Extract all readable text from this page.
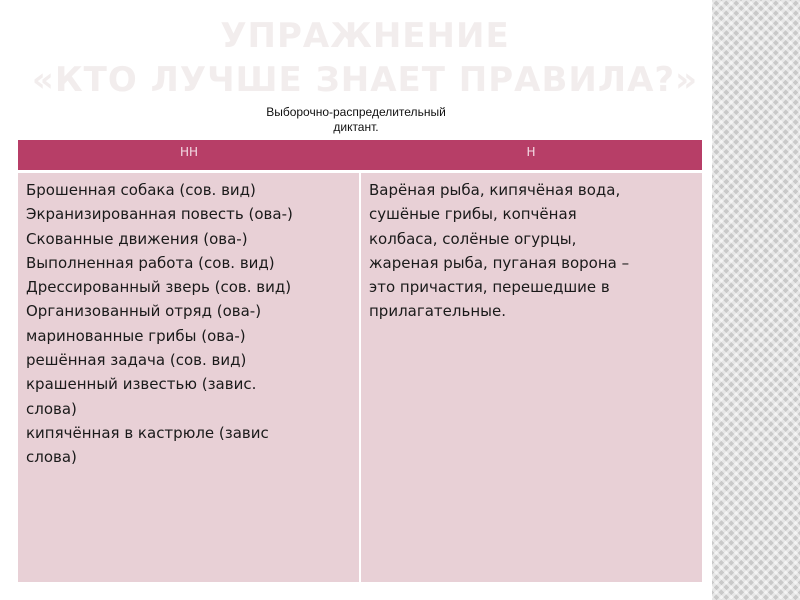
УПРАЖНЕНИЕ
«КТО ЛУЧШЕ ЗНАЕТ ПРАВИЛА?»
Выборочно-распределительный
диктант.
НН	Н
Брошенная собака (сов. вид)
Экранизированная повесть (ова-)
Скованные движения (ова-)
Выполненная работа (сов. вид)
Дрессированный зверь (сов. вид)
Организованный отряд (ова-)
маринованные грибы (ова-)
решённая задача (сов. вид)
крашенный известью (завис.
слова)
кипячённая в кастрюле (завис
слова)
Варёная рыба, кипячёная вода,
сушёные грибы, копчёная
колбаса, солёные огурцы,
жареная рыба, пуганая ворона –
это причастия, перешедшие в
прилагательные.
